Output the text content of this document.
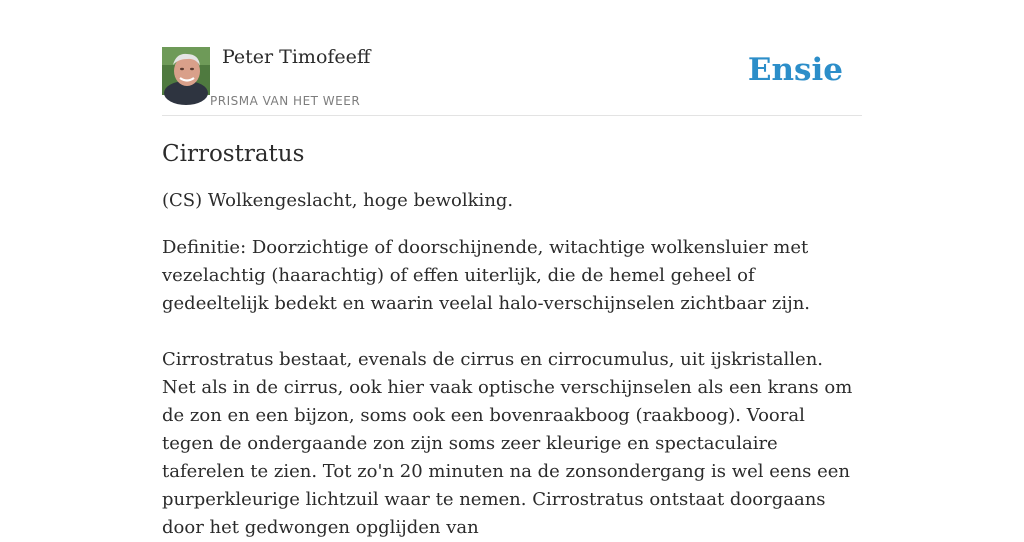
Peter Timofeeff
PRISMA VAN HET WEER
Ensie
Cirrostratus

(CS) Wolkengeslacht, hoge bewolking.

Definitie: Doorzichtige of doorschijnende, witachtige wolkensluier met vezelachtig (haarachtig) of effen uiterlijk, die de hemel geheel of gedeeltelijk bedekt en waarin veelal halo-verschijnselen zichtbaar zijn.

Cirrostratus bestaat, evenals de cirrus en cirrocumulus, uit ijskristallen. Net als in de cirrus, ook hier vaak optische verschijnselen als een krans om de zon en een bijzon, soms ook een bovenraakboog (raakboog). Vooral tegen de ondergaande zon zijn soms zeer kleurige en spectaculaire taferelen te zien. Tot zo'n 20 minuten na de zonsondergang is wel eens een purperkleurige lichtzuil waar te nemen. Cirrostratus ontstaat doorgaans door het gedwongen opglijden van
